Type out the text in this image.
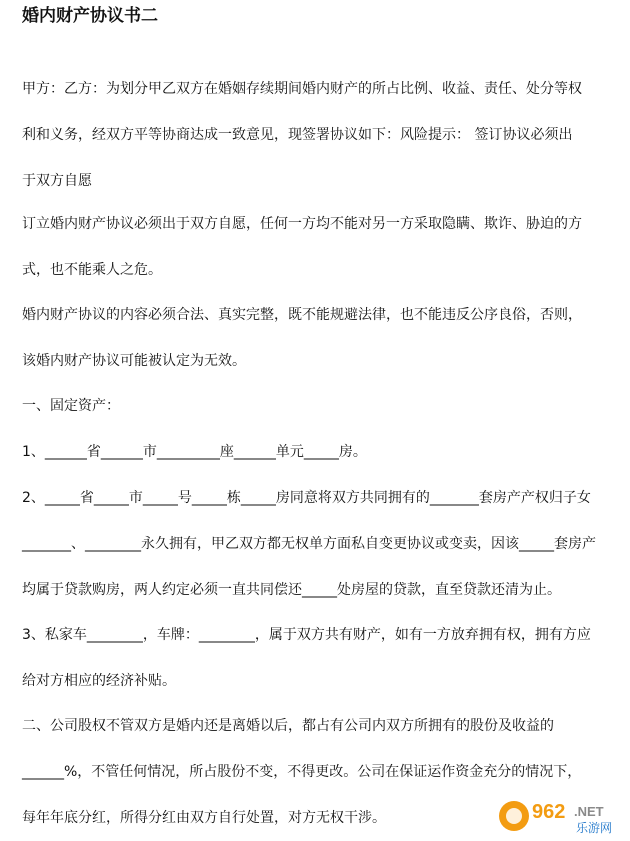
婚内财产协议书二

甲方：乙方：为划分甲乙双方在婚姻存续期间婚内财产的所占比例、收益、责任、处分等权
利和义务，经双方平等协商达成一致意见，现签署协议如下：风险提示： 签订协议必须出
于双方自愿

订立婚内财产协议必须出于双方自愿，任何一方均不能对另一方采取隐瞒、欺诈、胁迫的方
式，也不能乘人之危。

婚内财产协议的内容必须合法、真实完整，既不能规避法律，也不能违反公序良俗，否则，
该婚内财产协议可能被认定为无效。

一、固定资产：

1、______省______市_________座______单元_____房。

2、_____省_____市_____号_____栋_____房同意将双方共同拥有的_______套房产产权归子女
_______、________永久拥有，甲乙双方都无权单方面私自变更协议或变卖，因该_____套房产
均属于贷款购房，两人约定必须一直共同偿还_____处房屋的贷款，直至贷款还清为止。

3、私家车________，车牌：________，属于双方共有财产，如有一方放弃拥有权，拥有方应
给对方相应的经济补贴。

二、公司股权不管双方是婚内还是离婚以后，都占有公司内双方所拥有的股份及收益的
______%，不管任何情况，所占股份不变，不得更改。公司在保证运作资金充分的情况下，
每年年底分红，所得分红由双方自行处置，对方无权干涉。	962 .NET
乐游网
